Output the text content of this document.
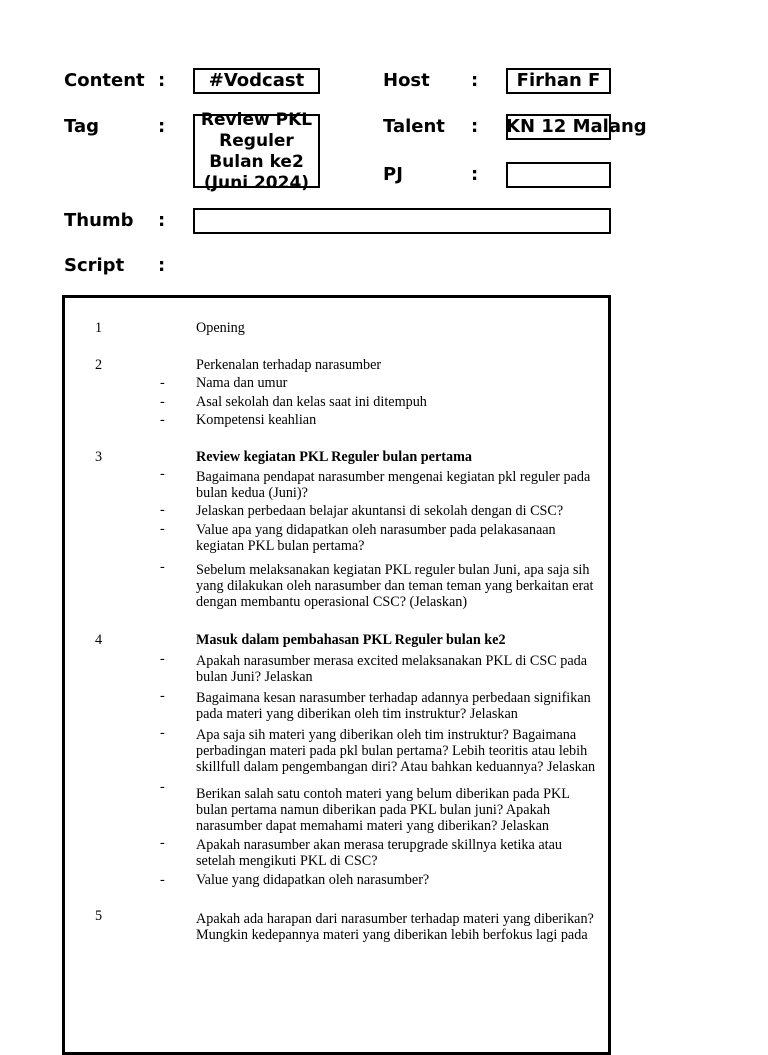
Content :	#Vodcast
Tag	:	Review PKL
Reguler
Bulan ke2
(Juni 2024)
Thumb :
Script :
Host :	Firhan F
Talent : KN 12 Malang
PJ	:
1	Opening
2	Perkenalan terhadap narasumber
- Nama dan umur
- Asal sekolah dan kelas saat ini ditempuh
- Kompetensi keahlian
3	Review kegiatan PKL Reguler bulan pertama
- Bagaimana pendapat narasumber mengenai kegiatan pkl reguler pada bulan kedua (Juni)?
- Jelaskan perbedaan belajar akuntansi di sekolah dengan di CSC?
- Value apa yang didapatkan oleh narasumber pada pelakasanaan kegiatan PKL bulan pertama?
- Sebelum melaksanakan kegiatan PKL reguler bulan Juni, apa saja sih yang dilakukan oleh narasumber dan teman teman yang berkaitan erat dengan membantu operasional CSC? (Jelaskan)
4	Masuk dalam pembahasan PKL Reguler bulan ke2
- Apakah narasumber merasa excited melaksanakan PKL di CSC pada bulan Juni? Jelaskan
- Bagaimana kesan narasumber terhadap adannya perbedaan signifikan pada materi yang diberikan oleh tim instruktur? Jelaskan
- Apa saja sih materi yang diberikan oleh tim instruktur? Bagaimana perbadingan materi pada pkl bulan pertama? Lebih teoritis atau lebih skillfull dalam pengembangan diri? Atau bahkan keduannya? Jelaskan
- Berikan salah satu contoh materi yang belum diberikan pada PKL bulan pertama namun diberikan pada PKL bulan juni? Apakah narasumber dapat memahami materi yang diberikan? Jelaskan
- Apakah narasumber akan merasa terupgrade skillnya ketika atau setelah mengikuti PKL di CSC?
- Value yang didapatkan oleh narasumber?
5	Apakah ada harapan dari narasumber terhadap materi yang diberikan? Mungkin kedepannya materi yang diberikan lebih berfokus lagi pada
